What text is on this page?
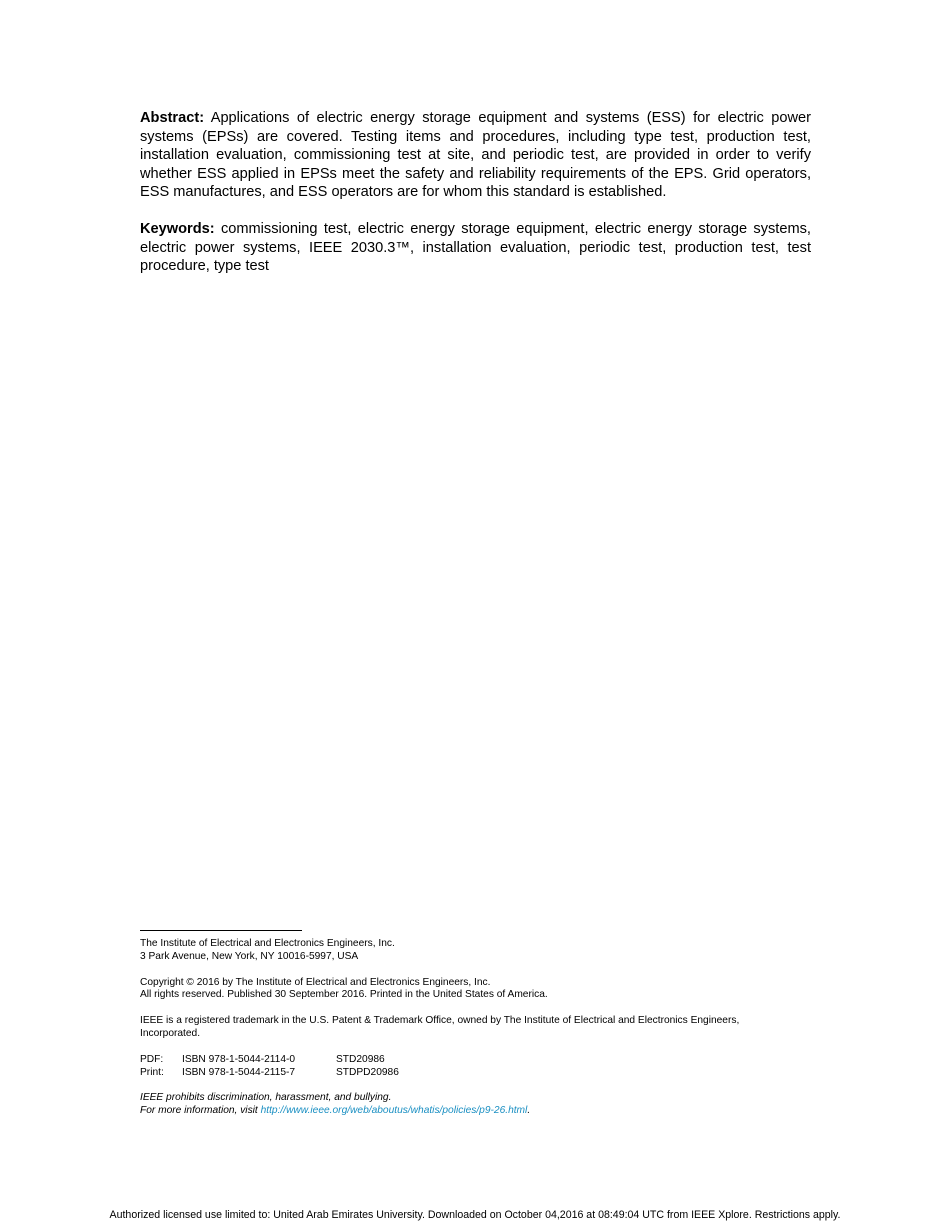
Abstract: Applications of electric energy storage equipment and systems (ESS) for electric power systems (EPSs) are covered. Testing items and procedures, including type test, production test, installation evaluation, commissioning test at site, and periodic test, are provided in order to verify whether ESS applied in EPSs meet the safety and reliability requirements of the EPS. Grid operators, ESS manufactures, and ESS operators are for whom this standard is established.

Keywords: commissioning test, electric energy storage equipment, electric energy storage systems, electric power systems, IEEE 2030.3™, installation evaluation, periodic test, production test, test procedure, type test

The Institute of Electrical and Electronics Engineers, Inc.
3 Park Avenue, New York, NY 10016-5997, USA
Copyright © 2016 by The Institute of Electrical and Electronics Engineers, Inc.
All rights reserved. Published 30 September 2016. Printed in the United States of America.
IEEE is a registered trademark in the U.S. Patent & Trademark Office, owned by The Institute of Electrical and Electronics Engineers,
Incorporated.
PDF: ISBN 978-1-5044-2114-0	STD20986
Print: ISBN 978-1-5044-2115-7	STDPD20986
IEEE prohibits discrimination, harassment, and bullying.
For more information, visit http://www.ieee.org/web/aboutus/whatis/policies/p9-26.html.
Authorized licensed use limited to: United Arab Emirates University. Downloaded on October 04,2016 at 08:49:04 UTC from IEEE Xplore. Restrictions apply.
